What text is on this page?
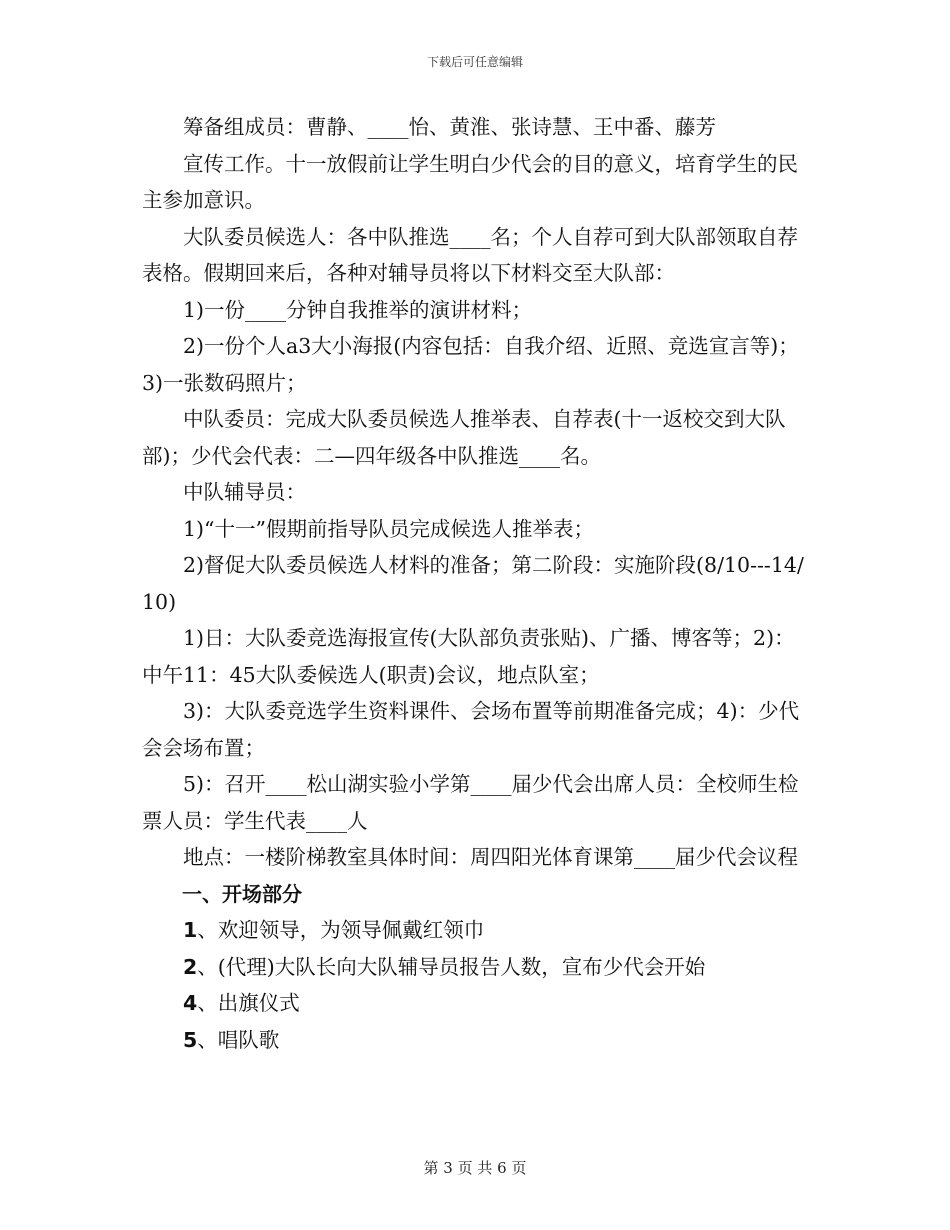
下载后可任意编辑

筹备组成员：曹静、____怡、黄淮、张诗慧、王中番、藤芳

宣传工作。十一放假前让学生明白少代会的目的意义，培育学生的民主参加意识。

大队委员候选人：各中队推选____名；个人自荐可到大队部领取自荐表格。假期回来后，各种对辅导员将以下材料交至大队部：

1)一份____分钟自我推举的演讲材料；

2)一份个人a3大小海报(内容包括：自我介绍、近照、竞选宣言等)；3)一张数码照片；

中队委员：完成大队委员候选人推举表、自荐表(十一返校交到大队部)；少代会代表：二—四年级各中队推选____名。

中队辅导员：

1)“十一”假期前指导队员完成候选人推举表；

2)督促大队委员候选人材料的准备；第二阶段：实施阶段(8/10---14/10)

1)日：大队委竞选海报宣传(大队部负责张贴)、广播、博客等；2)：中午11：45大队委候选人(职责)会议，地点队室；

3)：大队委竞选学生资料课件、会场布置等前期准备完成；4)：少代会会场布置；

5)：召开____松山湖实验小学第____届少代会出席人员：全校师生检票人员：学生代表____人

地点：一楼阶梯教室具体时间：周四阳光体育课第____届少代会议程

一、开场部分

1、欢迎领导，为领导佩戴红领巾

2、(代理)大队长向大队辅导员报告人数，宣布少代会开始

4、出旗仪式

5、唱队歌

第 3 页 共 6 页
